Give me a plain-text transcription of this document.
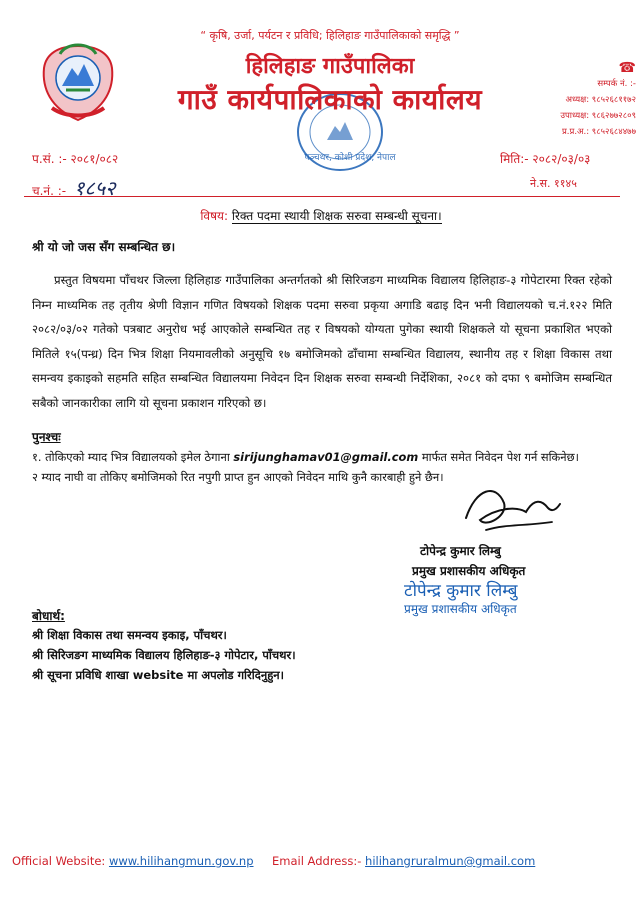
पञ्चथर, कोशी प्रदेश, नेपाल
“ कृषि, उर्जा, पर्यटन र प्रविधि; हिलिहाङ गाउँपालिकाको समृद्धि ”
हिलिहाङ गाउँपालिका
गाउँ कार्यपालिकाको कार्यालय
☎
सम्पर्क नं. :-
अध्यक्ष: ९८५२६८११७२
उपाध्यक्ष: ९८६२७७२८०९
प्र.प्र.अ.: ९८५२६८४४७७
प.सं. :- २०८१/०८२
च.नं. :- १८५२
मिति:- २०८२/०३/०३
ने.स. ११४५
विषय: रिक्त पदमा स्थायी शिक्षक सरुवा सम्बन्धी सूचना।
श्री यो जो जस सँग सम्बन्धित छ।
प्रस्तुत विषयमा पाँचथर जिल्ला हिलिहाङ गाउँपालिका अन्तर्गतको श्री सिरिजङग माध्यमिक विद्यालय हिलिहाङ-३ गोपेटारमा रिक्त रहेको निम्न माध्यमिक तह तृतीय श्रेणी विज्ञान गणित विषयको शिक्षक पदमा सरुवा प्रकृया अगाडि बढाइ दिन भनी विद्यालयको च.नं.१२२ मिति २०८२/०३/०२ गतेको पत्रबाट अनुरोध भई आएकोले सम्बन्धित तह र विषयको योग्यता पुगेका स्थायी शिक्षकले यो सूचना प्रकाशित भएको मितिले १५(पन्ध्र) दिन भित्र शिक्षा नियमावलीको अनुसूचि १७ बमोजिमको ढाँचामा सम्बन्धित विद्यालय, स्थानीय तह र शिक्षा विकास तथा समन्वय इकाइको सहमति सहित सम्बन्धित विद्यालयमा निवेदन दिन शिक्षक सरुवा सम्बन्धी निर्देशिका, २०८१ को दफा ९ बमोजिम सम्बन्धित सबैको जानकारीका लागि यो सूचना प्रकाशन गरिएको छ।
पुनश्चः
१. तोकिएको म्याद भित्र विद्यालयको इमेल ठेगाना sirijunghamav01@gmail.com मार्फत समेत निवेदन पेश गर्न सकिनेछ।
२ म्याद नाघी वा तोकिए बमोजिमको रित नपुगी प्राप्त हुन आएको निवेदन माथि कुनै कारबाही हुने छैन।
टोपेन्द्र कुमार लिम्बु
प्रमुख प्रशासकीय अधिकृत
टोपेन्द्र कुमार लिम्बु
प्रमुख प्रशासकीय अधिकृत
बोधार्थ:
श्री शिक्षा विकास तथा समन्वय इकाइ, पाँचथर।
श्री सिरिजङग माध्यमिक विद्यालय हिलिहाङ-३ गोपेटार, पाँचथर।
श्री सूचना प्रविधि शाखा website मा अपलोड गरिदिनुहुन।
Official Website: www.hilihangmun.gov.np Email Address:- hilihangruralmun@gmail.com
